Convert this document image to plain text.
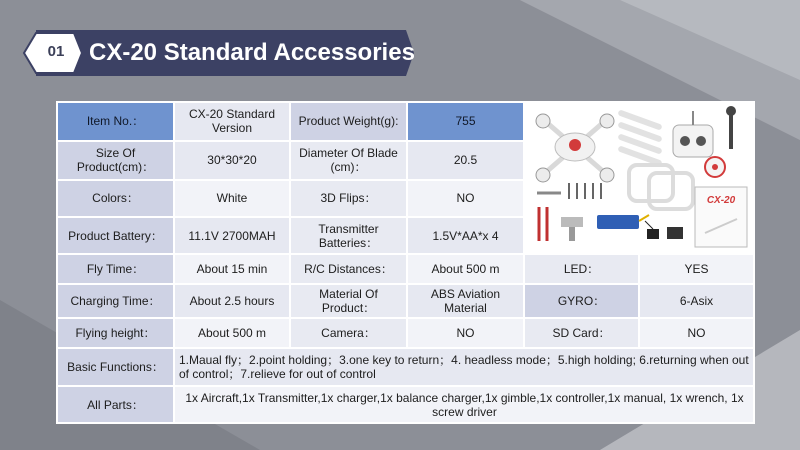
01	CX-20 Standard Accessories
Item No.：	CX-20 Standard Version	Product Weight(g):	755	CX-20	

Size Of Product(cm)：	30*30*20	Diameter Of Blade (cm)：	20.5		
Colors：	White	3D Flips：	NO		
Product Battery：	11.1V 2700MAH	Transmitter Batteries：	1.5V*AA*x 4		
Fly Time：	About 15 min	R/C Distances：	About 500 m	LED：	YES
Charging Time：	About 2.5 hours	Material Of Product：	ABS Aviation Material	GYRO：	6-Asix
Flying height：	About 500 m	Camera：	NO	SD Card：	NO
Basic Functions：	1.Maual fly；2.point holding；3.one key to return；4. headless mode；5.high holding; 6.returning when out of control；7.relieve for out of control				
All Parts：	1x Aircraft,1x Transmitter,1x charger,1x balance charger,1x gimble,1x controller,1x manual, 1x wrench, 1x screw driver				
